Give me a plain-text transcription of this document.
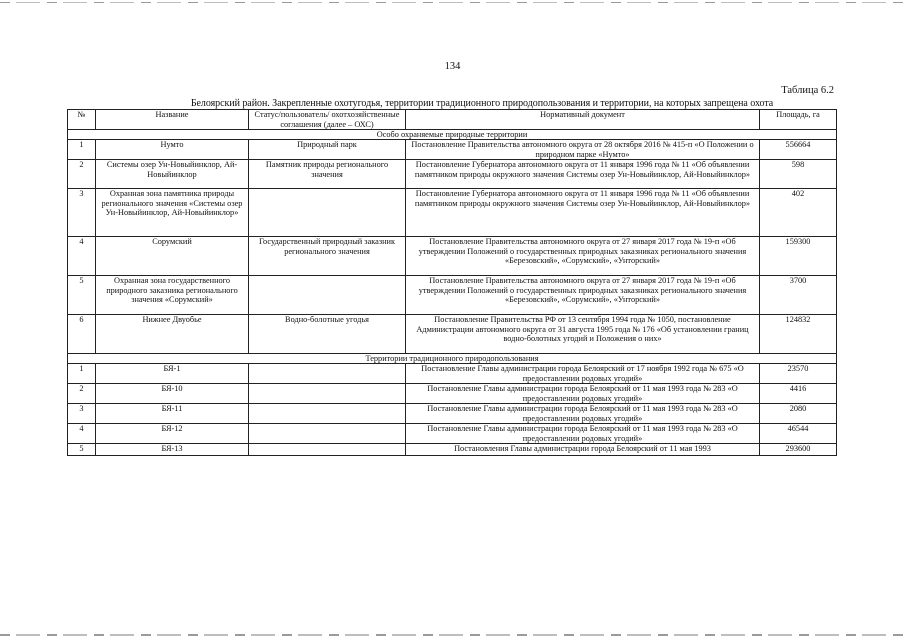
134
Таблица 6.2
Белоярский район. Закрепленные охотугодья, территории традиционного природопользования и территории, на которых запрещена охота
№	Название	Статус/пользователь/ охотхозяйственные соглашения (далее – ОХС)	Нормативный документ	Площадь, га
Особо охраняемые природные территории				
1	Нумто	Природный парк	Постановление Правительства автономного округа от 28 октября 2016 № 415-п «О Положении о природном парке «Нумто»	556664
2	Системы озер Ун-Новыйинклор, Ай-Новыйинклор	Памятник природы регионального значения	Постановление Губернатора автономного округа от 11 января 1996 года № 11 «Об объявлении памятником природы окружного значения Системы озер Ун-Новыйинклор, Ай-Новыйинклор»	598
3	Охранная зона памятника природы регионального значения «Системы озер Ун-Новыйинклор, Ай-Новыйинклор»		Постановление Губернатора автономного округа от 11 января 1996 года № 11 «Об объявлении памятником природы окружного значения Системы озер Ун-Новыйинклор, Ай-Новыйинклор»	402
4	Сорумский	Государственный природный заказник регионального значения	Постановление Правительства автономного округа от 27 января 2017 года № 19-п «Об утверждении Положений о государственных природных заказниках регионального значения «Березовский», «Сорумский», «Унторский»	159300
5	Охранная зона государственного природного заказника регионального значения «Сорумский»		Постановление Правительства автономного округа от 27 января 2017 года № 19-п «Об утверждении Положений о государственных природных заказниках регионального значения «Березовский», «Сорумский», «Унторский»	3700
6	Нижнее Двуобье	Водно-болотные угодья	Постановление Правительства РФ от 13 сентября 1994 года № 1050, постановление Администрации автономного округа от 31 августа 1995 года № 176 «Об установлении границ водно-болотных угодий и Положения о них»	124832
Территории традиционного природопользования				
1	БЯ-1		Постановление Главы администрации города Белоярский от 17 ноября 1992 года № 675 «О предоставлении родовых угодий»	23570
2	БЯ-10		Постановление Главы администрации города Белоярский от 11 мая 1993 года № 283 «О предоставлении родовых угодий»	4416
3	БЯ-11		Постановление Главы администрации города Белоярский от 11 мая 1993 года № 283 «О предоставлении родовых угодий»	2080
4	БЯ-12		Постановление Главы администрации города Белоярский от 11 мая 1993 года № 283 «О предоставлении родовых угодий»	46544
5	БЯ-13		Постановления Главы администрации города Белоярский от 11 мая 1993	293600
